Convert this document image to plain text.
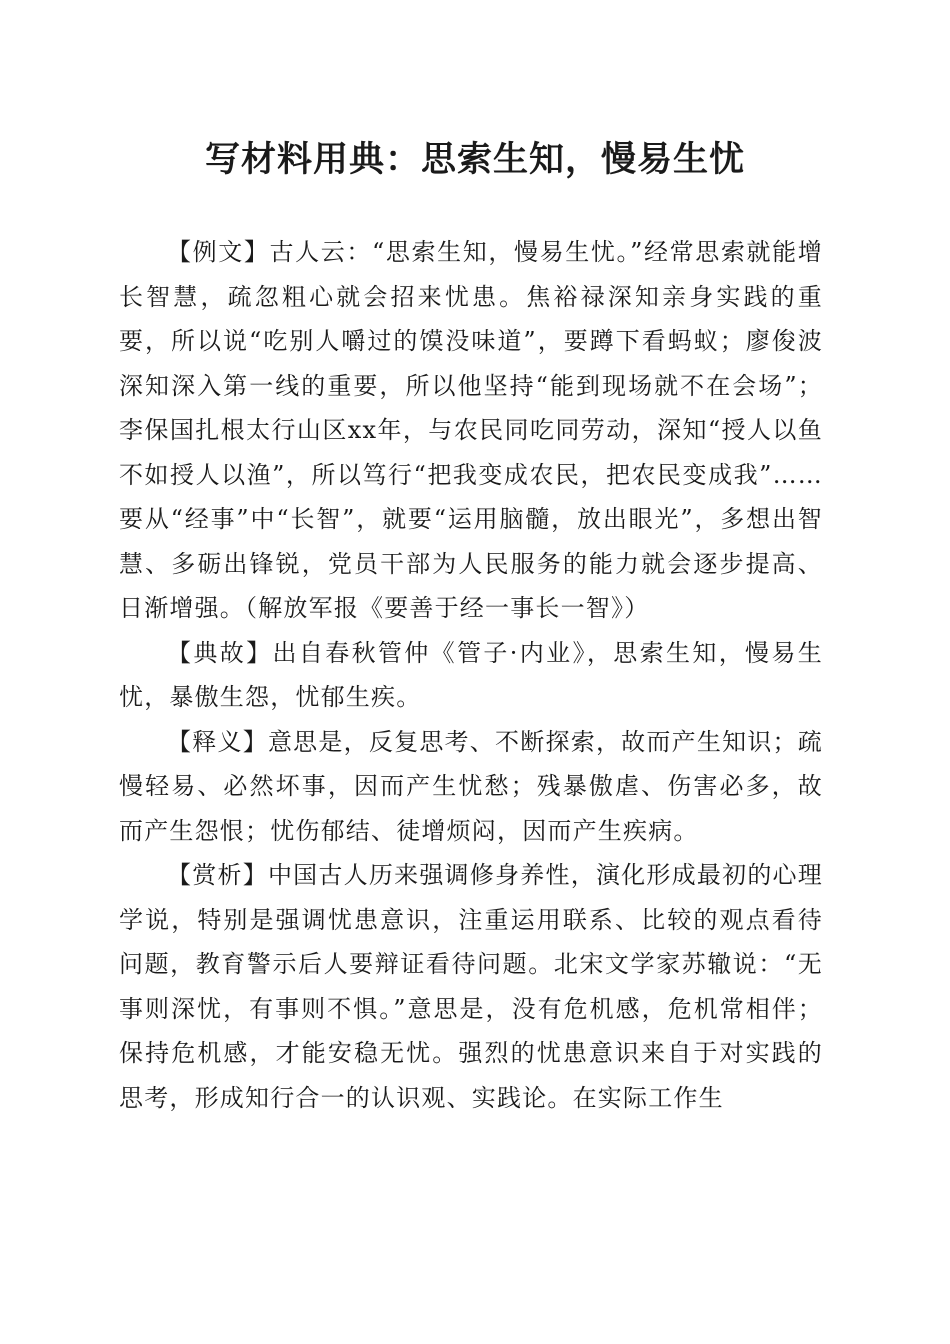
写材料用典：思索生知，慢易生忧

【例文】古人云：“思索生知，慢易生忧。”经常思索就能增长智慧，疏忽粗心就会招来忧患。焦裕禄深知亲身实践的重要，所以说“吃别人嚼过的馍没味道”，要蹲下看蚂蚁；廖俊波深知深入第一线的重要，所以他坚持“能到现场就不在会场”；李保国扎根太行山区xx年，与农民同吃同劳动，深知“授人以鱼不如授人以渔”，所以笃行“把我变成农民，把农民变成我”……要从“经事”中“长智”，就要“运用脑髓，放出眼光”，多想出智慧、多砺出锋锐，党员干部为人民服务的能力就会逐步提高、日渐增强。（解放军报《要善于经一事长一智》）

【典故】出自春秋管仲《管子·内业》，思索生知，慢易生忧，暴傲生怨，忧郁生疾。

【释义】意思是，反复思考、不断探索，故而产生知识；疏慢轻易、必然坏事，因而产生忧愁；残暴傲虐、伤害必多，故而产生怨恨；忧伤郁结、徒增烦闷，因而产生疾病。

【赏析】中国古人历来强调修身养性，演化形成最初的心理学说，特别是强调忧患意识，注重运用联系、比较的观点看待问题，教育警示后人要辩证看待问题。北宋文学家苏辙说：“无事则深忧，有事则不惧。”意思是，没有危机感，危机常相伴；保持危机感，才能安稳无忧。强烈的忧患意识来自于对实践的思考，形成知行合一的认识观、实践论。在实际工作生
